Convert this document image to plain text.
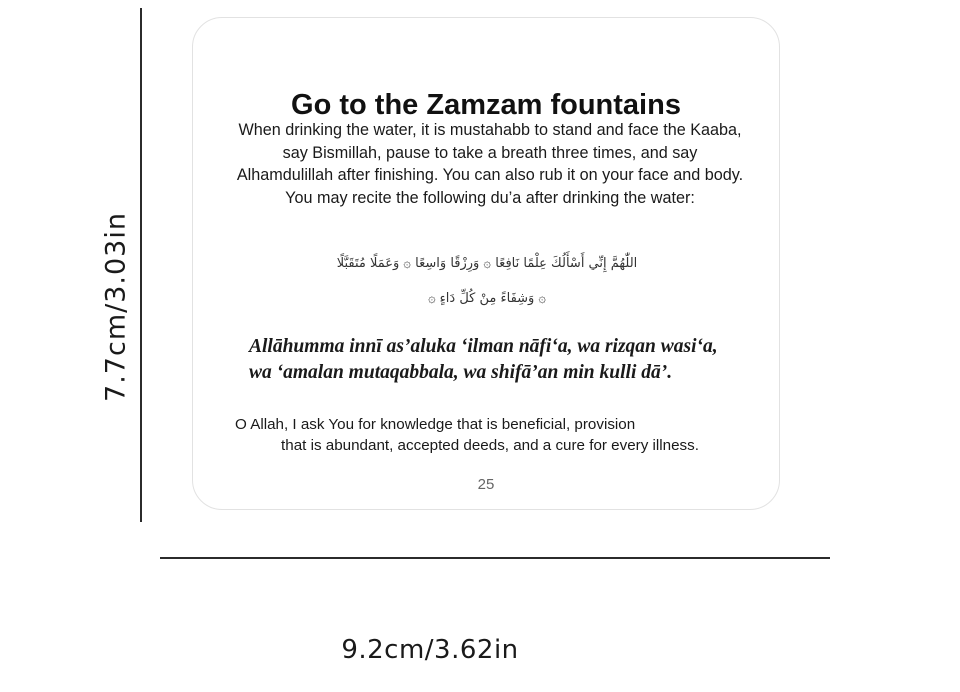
7.7cm/3.03in
Go to the Zamzam fountains
When drinking the water, it is mustahabb to stand and face the Kaaba, say Bismillah, pause to take a breath three times, and say Alhamdulillah after finishing. You can also rub it on your face and body. You may recite the following du’a after drinking the water:
اللّٰهُمَّ إِنِّي أَسْأَلُكَ عِلْمًا نَافِعًا ۞ وَرِزْقًا وَاسِعًا ۞ وَعَمَلًا مُتَقَبَّلًا
۞ وَشِفَاءً مِنْ كُلِّ دَاءٍ ۞
Allāhumma innī as’aluka ‘ilman nāfi‘a, wa rizqan wasi‘a, wa ‘amalan mutaqabbala, wa shifā’an min kulli dā’.
O Allah, I ask You for knowledge that is beneficial, provision
that is abundant, accepted deeds, and a cure for every illness.
25
9.2cm/3.62in
